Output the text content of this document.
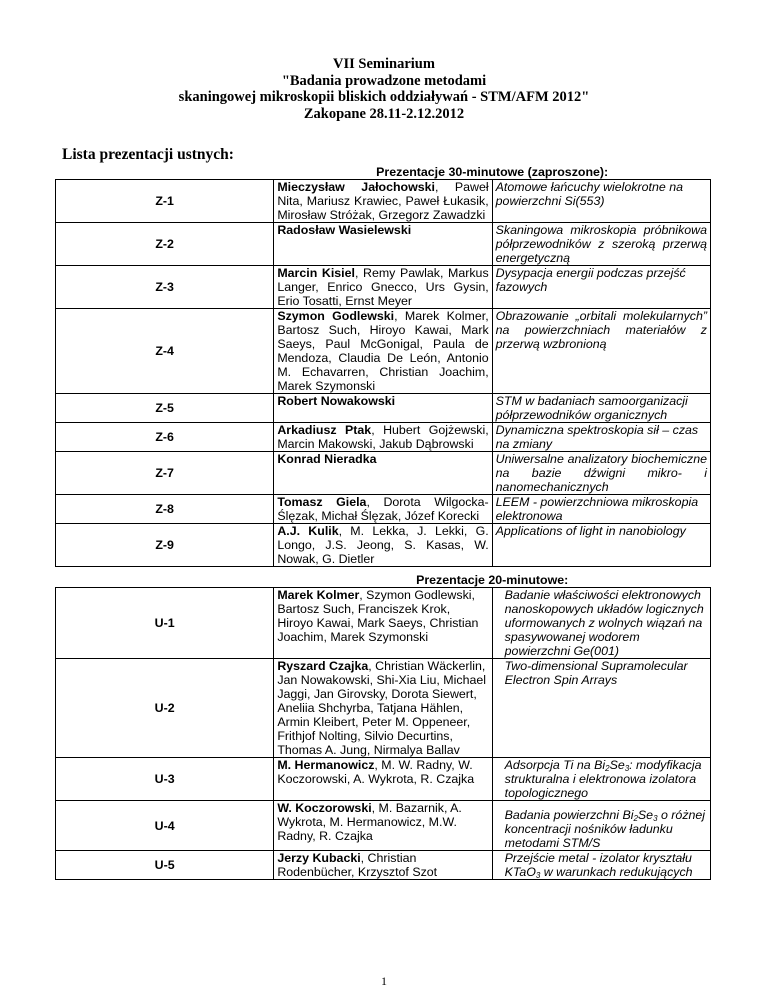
VII Seminarium
"Badania prowadzone metodami
skaningowej mikroskopii bliskich oddziaływań - STM/AFM 2012"
Zakopane 28.11-2.12.2012
Lista prezentacji ustnych:
	Prezentacje 30-minutowe (zaproszone):	
Z-1	Mieczysław Jałochowski, Paweł Nita, Mariusz Krawiec, Paweł Łukasik, Mirosław Stróżak, Grzegorz Zawadzki	Atomowe łańcuchy wielokrotne na powierzchni Si(553)
Z-2	Radosław Wasielewski	Skaningowa mikroskopia próbnikowa półprzewodników z szeroką przerwą energetyczną
Z-3	Marcin Kisiel, Remy Pawlak, Markus Langer, Enrico Gnecco, Urs Gysin, Erio Tosatti, Ernst Meyer	Dysypacja energii podczas przejść fazowych
Z-4	Szymon Godlewski, Marek Kolmer, Bartosz Such, Hiroyo Kawai, Mark Saeys, Paul McGonigal, Paula de Mendoza, Claudia De León, Antonio M. Echavarren, Christian Joachim, Marek Szymonski	Obrazowanie „orbitali molekularnych” na powierzchniach materiałów z przerwą wzbronioną
Z-5	Robert Nowakowski	STM w badaniach samoorganizacji półprzewodników organicznych
Z-6	Arkadiusz Ptak, Hubert Gojżewski, Marcin Makowski, Jakub Dąbrowski	Dynamiczna spektroskopia sił – czas na zmiany
Z-7	Konrad Nieradka	Uniwersalne analizatory biochemiczne na bazie dźwigni mikro- i nanomechanicznych
Z-8	Tomasz Giela, Dorota Wilgocka-Ślęzak, Michał Ślęzak, Józef Korecki	LEEM - powierzchniowa mikroskopia elektronowa
Z-9	A.J. Kulik, M. Lekka, J. Lekki, G. Longo, J.S. Jeong, S. Kasas, W. Nowak, G. Dietler	Applications of light in nanobiology
	Prezentacje 20-minutowe:	
U-1	Marek Kolmer, Szymon Godlewski, Bartosz Such, Franciszek Krok, Hiroyo Kawai, Mark Saeys, Christian Joachim, Marek Szymonski	Badanie właściwości elektronowych nanoskopowych układów logicznych uformowanych z wolnych wiązań na spasywowanej wodorem powierzchni Ge(001)
U-2	Ryszard Czajka, Christian Wäckerlin, Jan Nowakowski, Shi-Xia Liu, Michael Jaggi, Jan Girovsky, Dorota Siewert, Aneliia Shchyrba, Tatjana Hählen, Armin Kleibert, Peter M. Oppeneer, Frithjof Nolting, Silvio Decurtins, Thomas A. Jung, Nirmalya Ballav	Two-dimensional Supramolecular Electron Spin Arrays
U-3	M. Hermanowicz, M. W. Radny, W. Koczorowski, A. Wykrota, R. Czajka	Adsorpcja Ti na $Bi_2Se_3$: modyfikacja strukturalna i elektronowa izolatora topologicznego
U-4	W. Koczorowski, M. Bazarnik, A. Wykrota, M. Hermanowicz, M.W. Radny, R. Czajka	Badania powierzchni $Bi_2Se_3$ o różnej koncentracji nośników ładunku metodami STM/S
U-5	Jerzy Kubacki, Christian Rodenbücher, Krzysztof Szot	Przejście metal - izolator kryształu KTaO$_3$ w warunkach redukujących
1
